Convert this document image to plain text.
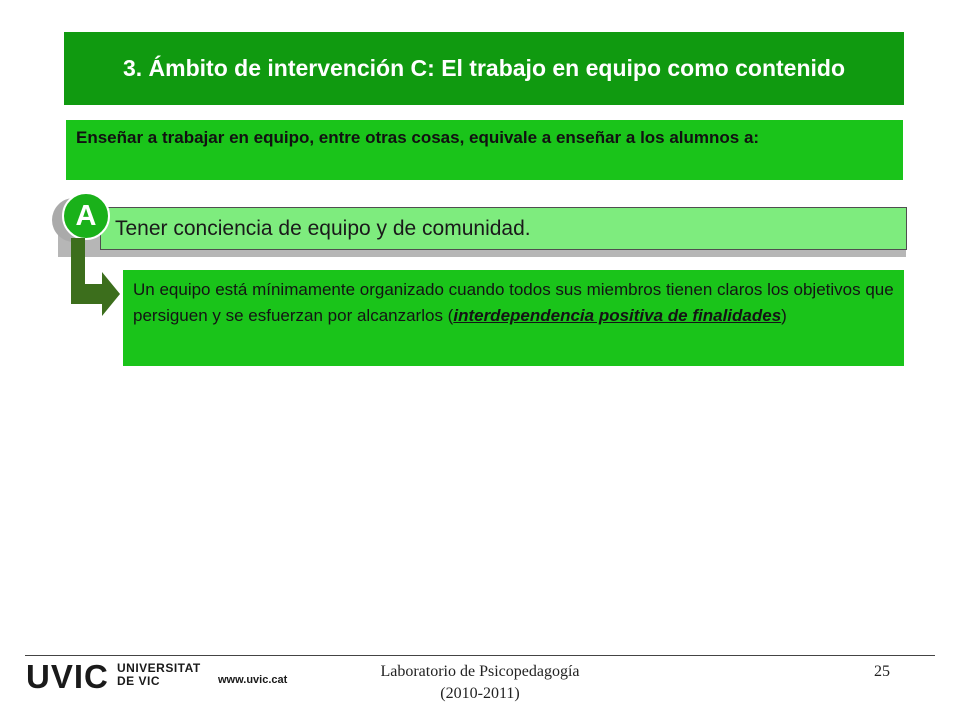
3. Ámbito de intervención C: El trabajo en equipo como contenido
Enseñar a trabajar en equipo, entre otras cosas, equivale a enseñar a los alumnos a:
Tener conciencia de equipo y de comunidad.
A
Un equipo está mínimamente organizado cuando todos sus miembros tienen claros los objetivos que persiguen y se esfuerzan por alcanzarlos (interdependencia positiva de finalidades)
UVIC UNIVERSITAT
DE VIC	www.uvic.cat	Laboratorio de Psicopedagogía
(2010-2011)
25
